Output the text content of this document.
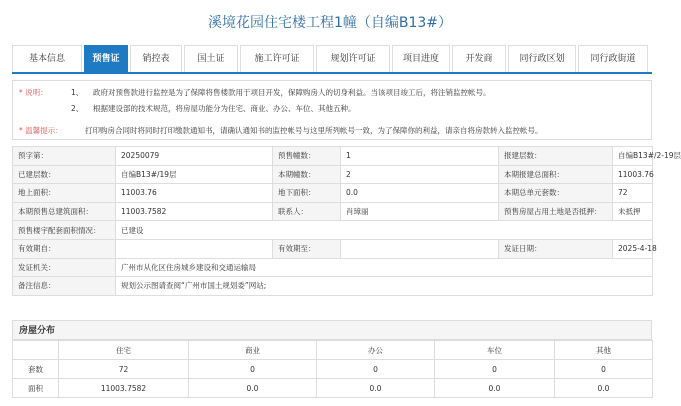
溪境花园住宅楼工程1幢（自编B13#）
基本信息	预售证	销控表	国土证	施工许可证	规划许可证	项目进度	开发商	同行政区划	同行政街道
* 说明：	1、	政府对预售款进行监控是为了保障将售楼款用于项目开发，保障购房人的切身利益。当该项目竣工后，将注销监控帐号。
2、	根据建设部的技术规范，将房屋功能分为住宅、商业、办公、车位、其他五种。
* 温馨提示：	打印购房合同时将同时打印缴款通知书，请确认通知书的监控帐号与这里所列帐号一致，为了保障你的利益，请亲自将房款转入监控帐号。
预字第：	20250079	预售幢数：	1	报建层数：	自编B13#/2-19层
已建层数：	自编B13#/19层	本期幢数：	2	本期报建总面积：	11003.76
地上面积：	11003.76	地下面积：	0.0	本期总单元套数：	72
本期预售总建筑面积：	11003.7582	联系人：	肖璋丽	预售房屋占用土地是否抵押：	未抵押
预售楼宇配套面积情况：	已建设				
有效期自：		有效期至：		发证日期：	2025-4-18
发证机关：	广州市从化区住房城乡建设和交通运输局				
备注信息：	规划公示图请查阅“广州市国土规划委”网站;				
房屋分布
	住宅	商业	办公	车位	其他
套数	72	0	0	0	0
面积	11003.7582	0.0	0.0	0.0	0.0
